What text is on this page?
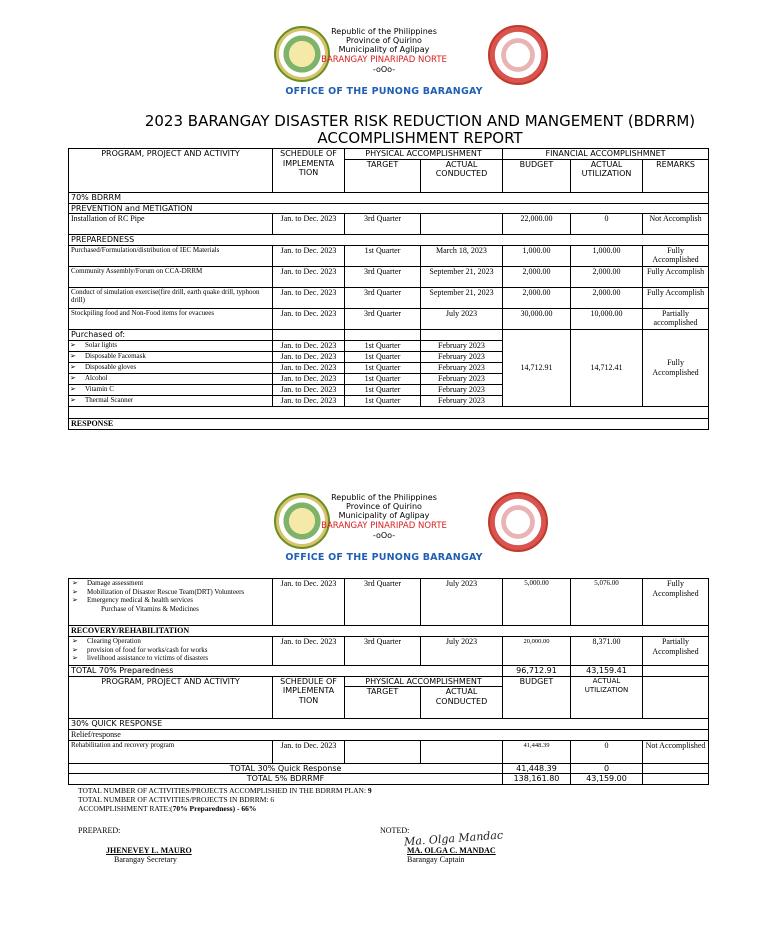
Republic of the Philippines
Province of Quirino
Municipality of Aglipay
BARANGAY PINARIPAD NORTE
-oOo-
OFFICE OF THE PUNONG BARANGAY
2023 BARANGAY DISASTER RISK REDUCTION AND MANGEMENT (BDRRM)
ACCOMPLISHMENT REPORT
PROGRAM, PROJECT AND ACTIVITY	SCHEDULE OF IMPLEMENTA TION	PHYSICAL ACCOMPLISHMENT		FINANCIAL ACCOMPLISHMNET		
		TARGET	ACTUAL CONDUCTED	BUDGET	ACTUAL UTILIZATION	REMARKS
70% BDRRM						
PREVENTION and METIGATION						
Installation of RC Pipe	Jan. to Dec. 2023	3rd Quarter		22,000.00	0	Not Accomplish
PREPAREDNESS						
Purchased/Formulation/distribution of IEC Materials	Jan. to Dec. 2023	1st Quarter	March 18, 2023	1,000.00	1,000.00	Fully Accomplished
Community Assembly/Forum on CCA-DRRM	Jan. to Dec. 2023	3rd Quarter	September 21, 2023	2,000.00	2,000.00	Fully Accomplish
Conduct of simulation exercise(fire drill, earth quake drill, typhoon drill)	Jan. to Dec. 2023	3rd Quarter	September 21, 2023	2,000.00	2,000.00	Fully Accomplish
Stockpiling food and Non-Food items for evacuees	Jan. to Dec. 2023	3rd Quarter	July 2023	30,000.00	10,000.00	Partially accomplished
Purchased of:				14,712.91	14,712.41	Fully Accomplished
➢ Solar lights	Jan. to Dec. 2023	1st Quarter	February 2023			
➢ Disposable Facemask	Jan. to Dec. 2023	1st Quarter	February 2023			
➢ Disposable gloves	Jan. to Dec. 2023	1st Quarter	February 2023			
➢ Alcohol	Jan. to Dec. 2023	1st Quarter	February 2023			
➢ Vitamin C	Jan. to Dec. 2023	1st Quarter	February 2023			
➢ Thermal Scanner	Jan. to Dec. 2023	1st Quarter	February 2023			

RESPONSE						
Republic of the Philippines
Province of Quirino
Municipality of Aglipay
BARANGAY PINARIPAD NORTE
-oOo-
OFFICE OF THE PUNONG BARANGAY
➢ Damage assessment
➢ Mobilization of Disaster Rescue Team(DRT) Volunteers
➢ Emergency medical & health services
Purchase of Vitamins & Medicines	Jan. to Dec. 2023	3rd Quarter	July 2023	5,000.00	5,076.00	Fully Accomplished
RECOVERY/REHABILITATION						

➢ Clearing Operation
➢ provision of food for works/cash for works
➢ livelihood assistance to victims of disasters	Jan. to Dec. 2023	3rd Quarter	July 2023	20,000.00	8,371.00	Partially Accomplished
TOTAL 70% Preparedness				96,712.91	43,159.41	
PROGRAM, PROJECT AND ACTIVITY	SCHEDULE OF IMPLEMENTA TION	PHYSICAL ACCOMPLISHMENT		BUDGET	ACTUAL UTILIZATION	
		TARGET	ACTUAL CONDUCTED			
30% QUICK RESPONSE						
Relief/response						
Rehabilitation and recovery program	Jan. to Dec. 2023			41,448.39	0	Not Accomplished
TOTAL 30% Quick Response				41,448.39	0	
TOTAL 5% BDRRMF				138,161.80	43,159.00	
TOTAL NUMBER OF ACTIVITIES/PROJECTS ACCOMPLISHED IN THE BDRRM PLAN: 9
TOTAL NUMBER OF ACTIVITIES/PROJECTS IN BDRRM: 6
ACCOMPLISHMENT RATE:(70% Preparedness) - 66%
PREPARED:	NOTED:
Ma. Olga Mandac
JHENEVEY L. MAURO
Barangay Secretary
MA. OLGA C. MANDAC
Barangay Captain
